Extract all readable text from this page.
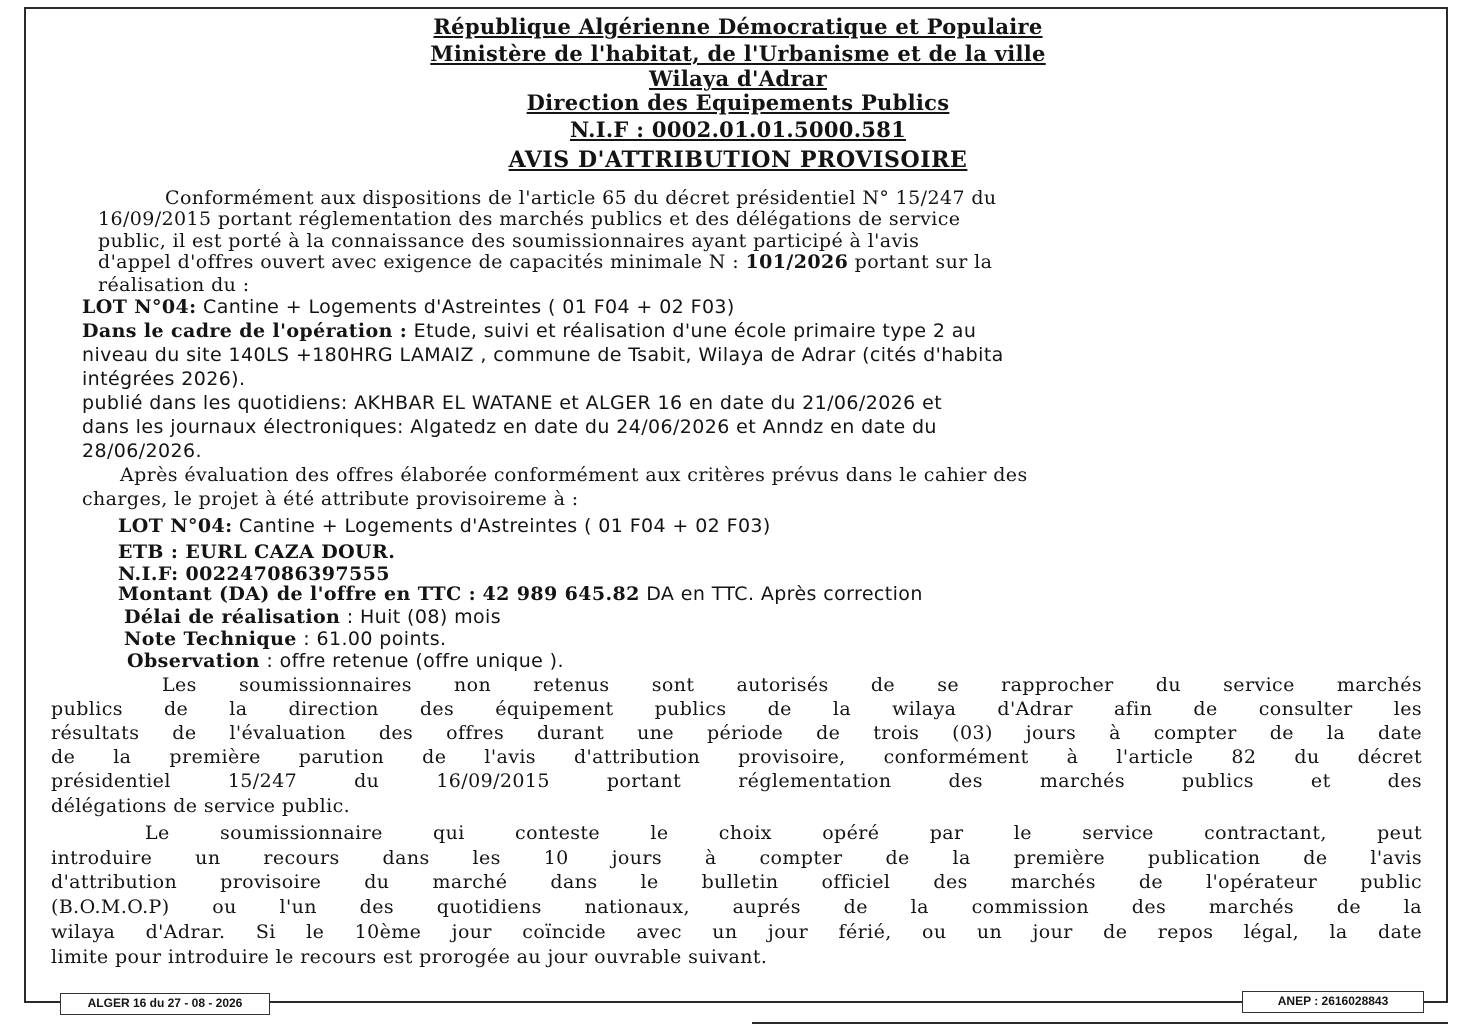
République Algérienne Démocratique et Populaire
Ministère de l'habitat, de l'Urbanisme et de la ville
Wilaya d'Adrar
Direction des Equipements Publics
N.I.F : 0002.01.01.5000.581
AVIS D'ATTRIBUTION PROVISOIRE
Conformément aux dispositions de l'article 65 du décret présidentiel N° 15/247 du
16/09/2015 portant réglementation des marchés publics et des délégations de service
public, il est porté à la connaissance des soumissionnaires ayant participé à l'avis
d'appel d'offres ouvert avec exigence de capacités minimale N : 101/2026 portant sur la
réalisation du :
LOT N°04: Cantine + Logements d'Astreintes ( 01 F04 + 02 F03)
Dans le cadre de l'opération : Etude, suivi et réalisation d'une école primaire type 2 au
niveau du site 140LS +180HRG LAMAIZ , commune de Tsabit, Wilaya de Adrar (cités d'habita
intégrées 2026).
publié dans les quotidiens: AKHBAR EL WATANE et ALGER 16 en date du 21/06/2026 et
dans les journaux électroniques: Algatedz en date du 24/06/2026 et Anndz en date du
28/06/2026.
Après évaluation des offres élaborée conformément aux critères prévus dans le cahier des
charges, le projet à été attribute provisoireme à :
LOT N°04: Cantine + Logements d'Astreintes ( 01 F04 + 02 F03)
ETB : EURL CAZA DOUR.
N.I.F: 002247086397555
Montant (DA) de l'offre en TTC : 42 989 645.82 DA en TTC. Après correction
Délai de réalisation : Huit (08) mois
Note Technique : 61.00 points.
Observation : offre retenue (offre unique ).
Les soumissionnaires non retenus sont autorisés de se rapprocher du service marchés
publics de la direction des équipement publics de la wilaya d'Adrar afin de consulter les
résultats de l'évaluation des offres durant une période de trois (03) jours à compter de la date
de la première parution de l'avis d'attribution provisoire, conformément à l'article 82 du décret
présidentiel 15/247 du 16/09/2015 portant réglementation des marchés publics et des
délégations de service public.
Le soumissionnaire qui conteste le choix opéré par le service contractant, peut
introduire un recours dans les 10 jours à compter de la première publication de l'avis
d'attribution provisoire du marché dans le bulletin officiel des marchés de l'opérateur public
(B.O.M.O.P) ou l'un des quotidiens nationaux, auprés de la commission des marchés de la
wilaya d'Adrar. Si le 10ème jour coïncide avec un jour férié, ou un jour de repos légal, la date
limite pour introduire le recours est prorogée au jour ouvrable suivant.
ALGER 16 du 27 - 08 - 2026	ANEP : 2616028843
